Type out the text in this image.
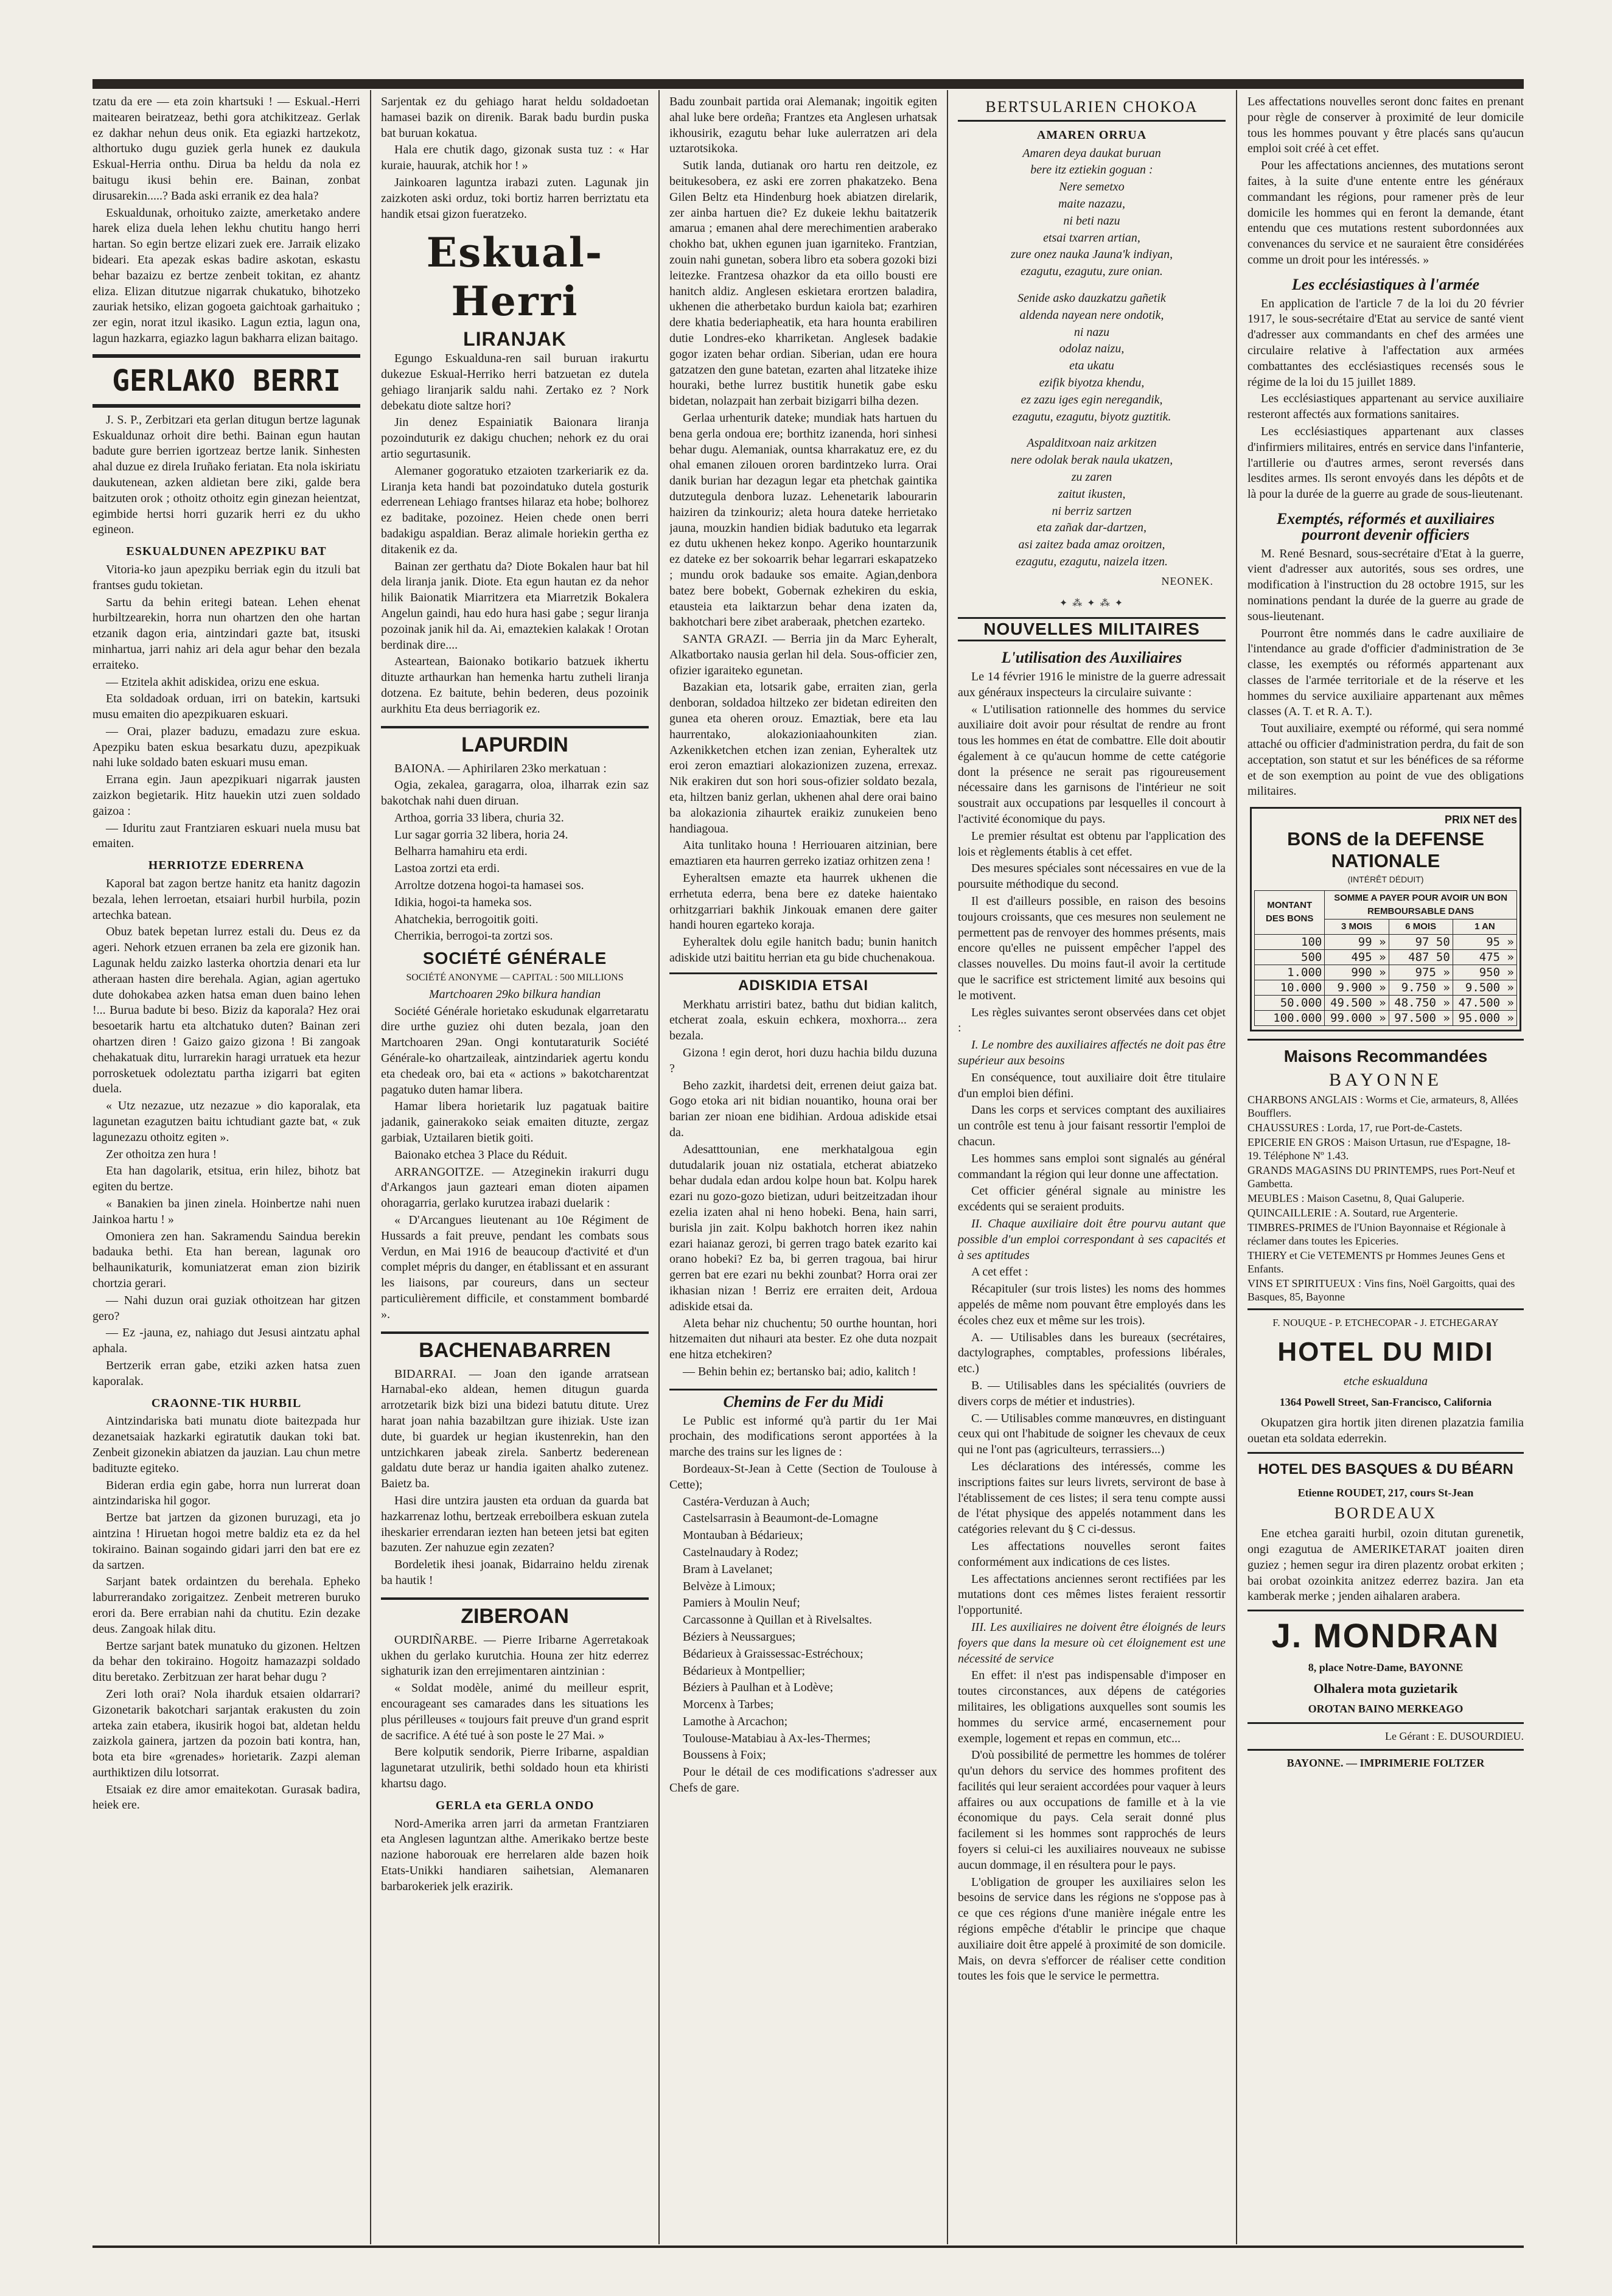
tzatu da ere — eta zoin khartsuki ! — Eskual.-Herri maitearen beiratzeaz, bethi gora atchikitzeaz. Gerlak ez dakhar nehun deus onik. Eta egiazki hartzekotz, althortuko dugu guziek gerla hunek ez daukula Eskual-Herria onthu. Dirua ba heldu da nola ez baitugu ikusi behin ere. Bainan, zonbat dirusarekin.....? Bada aski erranik ez dea hala?

Eskualdunak, orhoituko zaizte, amerketako andere harek eliza duela lehen lekhu chutitu hango herri hartan. So egin bertze elizari zuek ere. Jarraik elizako bideari. Eta apezak eskas badire askotan, eskastu behar bazaizu ez bertze zenbeit tokitan, ez ahantz eliza. Elizan ditutzue nigarrak chukatuko, bihotzeko zauriak hetsiko, elizan gogoeta gaichtoak garhaituko ; zer egin, norat itzul ikasiko. Lagun eztia, lagun ona, lagun hazkarra, egiazko lagun bakharra elizan baitago.

GERLAKO BERRI

J. S. P., Zerbitzari eta gerlan ditugun bertze lagunak Eskualdunaz orhoit dire bethi. Bainan egun hautan badute gure berrien igortzeaz bertze lanik. Sinhesten ahal duzue ez direla Iruñako feriatan. Eta nola iskiriatu daukutenean, azken aldietan bere ziki, galde bera baitzuten orok ; othoitz othoitz egin ginezan heientzat, egimbide hertsi horri guzarik herri ez du ukho egineon.

ESKUALDUNEN APEZPIKU BAT

Vitoria-ko jaun apezpiku berriak egin du itzuli bat frantses gudu tokietan.

Sartu da behin eritegi batean. Lehen ehenat hurbiltzearekin, horra nun ohartzen den ohe hartan etzanik dagon eria, aintzindari gazte bat, itsuski minhartua, jarri nahiz ari dela agur behar den bezala erraiteko.

— Etzitela akhit adiskidea, orizu ene eskua.

Eta soldadoak orduan, irri on batekin, kartsuki musu emaiten dio apezpikuaren eskuari.

— Orai, plazer baduzu, emadazu zure eskua. Apezpiku baten eskua besarkatu duzu, apezpikuak nahi luke soldado baten eskuari musu eman.

Errana egin. Jaun apezpikuari nigarrak jausten zaizkon begietarik. Hitz hauekin utzi zuen soldado gaizoa :

— Iduritu zaut Frantziaren eskuari nuela musu bat emaiten.

HERRIOTZE EDERRENA

Kaporal bat zagon bertze hanitz eta hanitz dagozin bezala, lehen lerroetan, etsaiari hurbil hurbila, pozin artechka batean.

Obuz batek bepetan lurrez estali du. Deus ez da ageri. Nehork etzuen erranen ba zela ere gizonik han. Lagunak heldu zaizko lasterka ohortzia denari eta lur atheraan hasten dire berehala. Agian, agian agertuko dute dohokabea azken hatsa eman duen baino lehen !... Burua badute bi beso. Biziz da kaporala? Hez orai besoetarik hartu eta altchatuko duten? Bainan zeri ohartzen diren ! Gaizo gaizo gizona ! Bi zangoak chehakatuak ditu, lurrarekin haragi urratuek eta hezur porrosketuek odoleztatu partha izigarri bat egiten duela.

« Utz nezazue, utz nezazue » dio kaporalak, eta lagunetan ezagutzen baitu ichtudiant gazte bat, « zuk lagunezazu othoitz egiten ».

Zer othoitza zen hura !

Eta han dagolarik, etsitua, erin hilez, bihotz bat egiten du bertze.

« Banakien ba jinen zinela. Hoinbertze nahi nuen Jainkoa hartu ! »

Omoniera zen han. Sakramendu Saindua berekin badauka bethi. Eta han berean, lagunak oro belhaunikaturik, komuniatzerat eman zion bizirik chortzia gerari.

— Nahi duzun orai guziak othoitzean har gitzen gero?

— Ez -jauna, ez, nahiago dut Jesusi aintzatu aphal aphala.

Bertzerik erran gabe, etziki azken hatsa zuen kaporalak.

CRAONNE-TIK HURBIL

Aintzindariska bati munatu diote baitezpada hur dezanetsaiak hazkarki egiratutik daukan toki bat. Zenbeit gizonekin abiatzen da jauzian. Lau chun metre badituzte egiteko.

Bideran erdia egin gabe, horra nun lurrerat doan aintzindariska hil gogor.

Bertze bat jartzen da gizonen buruzagi, eta jo aintzina ! Hiruetan hogoi metre baldiz eta ez da hel tokiraino. Bainan sogaindo gidari jarri den bat ere ez da sartzen.

Sarjant batek ordaintzen du berehala. Epheko laburrerandako zorigaitzez. Zenbeit metreren buruko erori da. Bere errabian nahi da chutitu. Ezin dezake deus. Zangoak hilak ditu.

Bertze sarjant batek munatuko du gizonen. Heltzen da behar den tokiraino. Hogoitz hamazazpi soldado ditu beretako. Zerbitzuan zer harat behar dugu ?

Zeri loth orai? Nola iharduk etsaien oldarrari? Gizonetarik bakotchari sarjantak erakusten du zoin arteka zain etabera, ikusirik hogoi bat, aldetan heldu zaizkola gainera, jartzen da pozoin bati kontra, han, bota eta bire «grenades» horietarik. Zazpi aleman aurthiktizen dilu lotsorrat.

Etsaiak ez dire amor emaitekotan. Gurasak badira, heiek ere.

Sarjentak ez du gehiago harat heldu soldadoetan hamasei bazik on direnik. Barak badu burdin puska bat buruan kokatua.

Hala ere chutik dago, gizonak susta tuz : « Har kuraie, hauurak, atchik hor ! »

Jainkoaren laguntza irabazi zuten. Lagunak jin zaizkoten aski orduz, toki bortiz harren berriztatu eta handik etsai gizon fueratzeko.

Eskual-Herri
LIRANJAK

Egungo Eskualduna-ren sail buruan irakurtu dukezue Eskual-Herriko herri batzuetan ez dutela gehiago liranjarik saldu nahi. Zertako ez ? Nork debekatu diote saltze hori?

Jin denez Espainiatik Baionara liranja pozoinduturik ez dakigu chuchen; nehork ez du orai artio segurtasunik.

Alemaner gogoratuko etzaioten tzarkeriarik ez da. Liranja keta handi bat pozoindatuko dutela gosturik ederrenean Lehiago frantses hilaraz eta hobe; bolhorez ez baditake, pozoinez. Heien chede onen berri badakigu aspaldian. Beraz alimale horiekin gertha ez ditakenik ez da.

Bainan zer gerthatu da? Diote Bokalen haur bat hil dela liranja janik. Diote. Eta egun hautan ez da nehor hilik Baionatik Miarritzera eta Miarretzik Bokalera Angelun gaindi, hau edo hura hasi gabe ; segur liranja pozoinak janik hil da. Ai, emaztekien kalakak ! Orotan berdinak dire....

Asteartean, Baionako botikario batzuek ikhertu dituzte arthaurkan han hemenka hartu zutheli liranja dotzena. Ez baitute, behin bederen, deus pozoinik aurkhitu Eta deus berriagorik ez.

LAPURDIN

BAIONA. — Aphirilaren 23ko merkatuan :

Ogia, zekalea, garagarra, oloa, ilharrak ezin saz bakotchak nahi duen diruan.

Arthoa, gorria 33 libera, churia 32.

Lur sagar gorria 32 libera, horia 24.

Belharra hamahiru eta erdi.

Lastoa zortzi eta erdi.

Arroltze dotzena hogoi-ta hamasei sos.

Idikia, hogoi-ta hameka sos.

Ahatchekia, berrogoitik goiti.

Cherrikia, berrogoi-ta zortzi sos.

SOCIÉTÉ GÉNÉRALE

SOCIÉTÉ ANONYME — CAPITAL : 500 MILLIONS

Martchoaren 29ko bilkura handian

Société Générale horietako eskudunak elgarretaratu dire urthe guziez ohi duten bezala, joan den Martchoaren 29an. Ongi kontutaraturik Société Générale-ko ohartzaileak, aintzindariek agertu kondu eta chedeak oro, bai eta « actions » bakotcharentzat pagatuko duten hamar libera.

Hamar libera horietarik luz pagatuak baitire jadanik, gainerakoko seiak emaiten dituzte, zergaz garbiak, Uztailaren bietik goiti.

Baionako etchea 3 Place du Réduit.

ARRANGOITZE. — Atzeginekin irakurri dugu d'Arkangos jaun gazteari eman dioten aipamen ohoragarria, gerlako kurutzea irabazi duelarik :

« D'Arcangues lieutenant au 10e Régiment de Hussards a fait preuve, pendant les combats sous Verdun, en Mai 1916 de beaucoup d'activité et d'un complet mépris du danger, en établissant et en assurant les liaisons, par coureurs, dans un secteur particulièrement difficile, et constamment bombardé ».

BACHENABARREN

BIDARRAI. — Joan den igande arratsean Harnabal-eko aldean, hemen ditugun guarda arrotzetarik bizk bizi una bidezi batutu ditute. Urez harat joan nahia bazabiltzan gure ihiziak. Uste izan dute, bi guardek ur hegian ikustenrekin, han den untzichkaren jabeak zirela. Sanbertz bederenean galdatu dute beraz ur handia igaiten ahalko zutenez. Baietz ba.

Hasi dire untzira jausten eta orduan da guarda bat hazkarrenaz lothu, bertzeak erreboilbera eskuan zutela iheskarier errendaran iezten han beteen jetsi bat egiten bazuten. Zer nahuzue egin zezaten?

Bordeletik ihesi joanak, Bidarraino heldu zirenak ba hautik !

ZIBEROAN

OURDIÑARBE. — Pierre Iribarne Agerretakoak ukhen du gerlako kurutchia. Houna zer hitz ederrez sighaturik izan den errejimentaren aintzinian :

« Soldat modèle, animé du meilleur esprit, encourageant ses camarades dans les situations les plus périlleuses « toujours fait preuve d'un grand esprit de sacrifice. A été tué à son poste le 27 Mai. »

Bere kolputik sendorik, Pierre Iribarne, aspaldian lagunetarat utzulirik, bethi soldado houn eta khiristi khartsu dago.

GERLA eta GERLA ONDO

Nord-Amerika arren jarri da armetan Frantziaren eta Anglesen laguntzan althe. Amerikako bertze beste nazione haborouak ere herrelaren alde bazen hoik Etats-Unikki handiaren saihetsian, Alemanaren barbarokeriek jelk erazirik.

Badu zounbait partida orai Alemanak; ingoitik egiten ahal luke bere ordeña; Frantzes eta Anglesen urhatsak ikhousirik, ezagutu behar luke aulerratzen ari dela uztarotsikoka.

Sutik landa, dutianak oro hartu ren deitzole, ez beitukesobera, ez aski ere zorren phakatzeko. Bena Gilen Beltz eta Hindenburg hoek abiatzen direlarik, zer ainba hartuen die? Ez dukeie lekhu baitatzerik amarua ; emanen ahal dere merechimentien araberako chokho bat, ukhen egunen juan igarniteko. Frantzian, zouin nahi gunetan, sobera libro eta sobera gozoki bizi leitezke. Frantzesa ohazkor da eta oillo bousti ere hanitch aldiz. Anglesen eskietara erortzen baladira, ukhenen die atherbetako burdun kaiola bat; ezarhiren dere khatia bederiapheatik, eta hara hounta erabiliren dutie Londres-eko kharriketan. Anglesek badakie gogor izaten behar ordian. Siberian, udan ere houra gatzatzen den gune batetan, ezarten ahal litzateke ihize houraki, bethe lurrez bustitik hunetik gabe esku bidetan, nolazpait han zerbait bizigarri bilha dezen.

Gerlaa urhenturik dateke; mundiak hats hartuen du bena gerla ondoua ere; borthitz izanenda, hori sinhesi behar dugu. Alemaniak, ountsa kharrakatuz ere, ez du ohal emanen zilouen ororen bardintzeko lurra. Orai danik burian har dezagun legar eta phetchak gaintika dutzutegula denbora luzaz. Lehenetarik labourarin haiziren da tzinkouriz; aleta houra dateke herrietako jauna, mouzkin handien bidiak badutuko eta legarrak ez dutu ukhenen hekez konpo. Ageriko hountarzunik ez dateke ez ber sokoarrik behar legarrari eskapatzeko ; mundu orok badauke sos emaite. Agian,denbora batez bere bobekt, Gobernak ezhekiren du eskia, etausteia eta laiktarzun behar dena izaten da, bakhotchari bere zibet araberaak, phetchen ezarteko.

SANTA GRAZI. — Berria jin da Marc Eyheralt, Alkatbortako nausia gerlan hil dela. Sous-officier zen, ofizier igaraiteko egunetan.

Bazakian eta, lotsarik gabe, erraiten zian, gerla denboran, soldadoa hiltzeko zer bidetan edireiten den gunea eta oheren orouz. Emaztiak, bere eta lau haurrentako, alokazioniaahounkiten zian. Azkenikketchen etchen izan zenian, Eyheraltek utz eroi zeron emaztiari alokazionizen zuzena, errexaz. Nik erakiren dut son hori sous-ofizier soldato bezala, eta, hiltzen baniz gerlan, ukhenen ahal dere orai baino ba alokazionia zihaurtek eraikiz zunukeien beno handiagoua.

Aita tunlitako houna ! Herriouaren aitzinian, bere emaztiaren eta haurren gerreko izatiaz orhitzen zena !

Eyheraltsen emazte eta haurrek ukhenen die errhetuta ederra, bena bere ez dateke haientako orhitzgarriari bakhik Jinkouak emanen dere gaiter handi houren egarteko koraja.

Eyheraltek dolu egile hanitch badu; bunin hanitch adiskide utzi baititu herrian eta gu bide chuchenakoua.

ADISKIDIA ETSAI

Merkhatu arristiri batez, bathu dut bidian kalitch, etcherat zoala, eskuin echkera, moxhorra... zera bezala.

Gizona ! egin derot, hori duzu hachia bildu duzuna ?

Beho zazkit, ihardetsi deit, errenen deiut gaiza bat. Gogo etoka ari nit bidian nouantiko, houna orai ber barian zer nioan ene bidihian. Ardoua adiskide etsai da.

Adesatttounian, ene merkhatalgoua egin dutudalarik jouan niz ostatiala, etcherat abiatzeko behar dudala edan ardou kolpe houn bat. Kolpu harek ezari nu gozo-gozo bietizan, uduri beitzeitzadan ihour ezelia izaten ahal ni heno hobeki. Bena, hain sarri, burisla jin zait. Kolpu bakhotch horren ikez nahin ezari haianaz gerozi, bi gerren trago batek ezarito kai orano hobeki? Ez ba, bi gerren tragoua, bai hirur gerren bat ere ezari nu bekhi zounbat? Horra orai zer ikhasian nizan ! Berriz ere erraiten deit, Ardoua adiskide etsai da.

Aleta behar niz chuchentu; 50 ourthe hountan, hori hitzemaiten dut nihauri ata bester. Ez ohe duta nozpait ene hitza etchekiren?

— Behin behin ez; bertansko bai; adio, kalitch !

Chemins de Fer du Midi

Le Public est informé qu'à partir du 1er Mai prochain, des modifications seront apportées à la marche des trains sur les lignes de :

Bordeaux-St-Jean à Cette (Section de Toulouse à Cette);

Castéra-Verduzan à Auch;

Castelsarrasin à Beaumont-de-Lomagne

Montauban à Bédarieux;

Castelnaudary à Rodez;

Bram à Lavelanet;

Belvèze à Limoux;

Pamiers à Moulin Neuf;

Carcassonne à Quillan et à Rivelsaltes.

Béziers à Neussargues;

Bédarieux à Graissessac-Estréchoux;

Bédarieux à Montpellier;

Béziers à Paulhan et à Lodève;

Morcenx à Tarbes;

Lamothe à Arcachon;

Toulouse-Matabiau à Ax-les-Thermes;

Boussens à Foix;

Pour le détail de ces modifications s'adresser aux Chefs de gare.

BERTSULARIEN CHOKOA
AMAREN ORRUA

Amaren deya daukat buruan

bere itz eztiekin goguan :

Nere semetxo

maite nazazu,

ni beti nazu

etsai txarren artian,

zure onez nauka Jauna'k indiyan,

ezagutu, ezagutu, zure onian.

Senide asko dauzkatzu gañetik

aldenda nayean nere ondotik,

ni nazu

odolaz naizu,

eta ukatu

ezifik biyotza khendu,

ez zazu iges egin neregandik,

ezagutu, ezagutu, biyotz guztitik.

Aspalditxoan naiz arkitzen

nere odolak berak naula ukatzen,

zu zaren

zaitut ikusten,

ni berriz sartzen

eta zañak dar-dartzen,

asi zaitez bada amaz oroitzen,

ezagutu, ezagutu, naizela itzen.

NEONEK.
✦ ⁂ ✦ ⁂ ✦
NOUVELLES MILITAIRES
L'utilisation des Auxiliaires

Le 14 février 1916 le ministre de la guerre adressait aux généraux inspecteurs la circulaire suivante :

« L'utilisation rationnelle des hommes du service auxiliaire doit avoir pour résultat de rendre au front tous les hommes en état de combattre. Elle doit aboutir également à ce qu'aucun homme de cette catégorie dont la présence ne serait pas rigoureusement nécessaire dans les garnisons de l'intérieur ne soit soustrait aux occupations par lesquelles il concourt à l'activité économique du pays.

Le premier résultat est obtenu par l'application des lois et règlements établis à cet effet.

Des mesures spéciales sont nécessaires en vue de la poursuite méthodique du second.

Il est d'ailleurs possible, en raison des besoins toujours croissants, que ces mesures non seulement ne permettent pas de renvoyer des hommes présents, mais encore qu'elles ne puissent empêcher l'appel des classes nouvelles. Du moins faut-il avoir la certitude que le sacrifice est strictement limité aux besoins qui le motivent.

Les règles suivantes seront observées dans cet objet :

I. Le nombre des auxiliaires affectés ne doit pas être supérieur aux besoins

En conséquence, tout auxiliaire doit être titulaire d'un emploi bien défini.

Dans les corps et services comptant des auxiliaires un contrôle est tenu à jour faisant ressortir l'emploi de chacun.

Les hommes sans emploi sont signalés au général commandant la région qui leur donne une affectation.

Cet officier général signale au ministre les excédents qui se seraient produits.

II. Chaque auxiliaire doit être pourvu autant que possible d'un emploi correspondant à ses capacités et à ses aptitudes

A cet effet :

Récapituler (sur trois listes) les noms des hommes appelés de même nom pouvant être employés dans les écoles chez eux et même sur les trois).

A. — Utilisables dans les bureaux (secrétaires, dactylographes, comptables, professions libérales, etc.)

B. — Utilisables dans les spécialités (ouvriers de divers corps de métier et industries).

C. — Utilisables comme manœuvres, en distinguant ceux qui ont l'habitude de soigner les chevaux de ceux qui ne l'ont pas (agriculteurs, terrassiers...)

Les déclarations des intéressés, comme les inscriptions faites sur leurs livrets, serviront de base à l'établissement de ces listes; il sera tenu compte aussi de l'état physique des appelés notamment dans les catégories relevant du § C ci-dessus.

Les affectations nouvelles seront faites conformément aux indications de ces listes.

Les affectations anciennes seront rectifiées par les mutations dont ces mêmes listes feraient ressortir l'opportunité.

III. Les auxiliaires ne doivent être éloignés de leurs foyers que dans la mesure où cet éloignement est une nécessité de service

En effet: il n'est pas indispensable d'imposer en toutes circonstances, aux dépens de catégories militaires, les obligations auxquelles sont soumis les hommes du service armé, encasernement pour exemple, logement et repas en commun, etc...

D'où possibilité de permettre les hommes de tolérer qu'un dehors du service des hommes profitent des facilités qui leur seraient accordées pour vaquer à leurs affaires ou aux occupations de famille et à la vie économique du pays. Cela serait donné plus facilement si les hommes sont rapprochés de leurs foyers si celui-ci les auxiliaires nouveaux ne subisse aucun dommage, il en résultera pour le pays.

L'obligation de grouper les auxiliaires selon les besoins de service dans les régions ne s'oppose pas à ce que ces régions d'une manière inégale entre les régions empêche d'établir le principe que chaque auxiliaire doit être appelé à proximité de son domicile. Mais, on devra s'efforcer de réaliser cette condition toutes les fois que le service le permettra.

Les affectations nouvelles seront donc faites en prenant pour règle de conserver à proximité de leur domicile tous les hommes pouvant y être placés sans qu'aucun emploi soit créé à cet effet.

Pour les affectations anciennes, des mutations seront faites, à la suite d'une entente entre les généraux commandant les régions, pour ramener près de leur domicile les hommes qui en feront la demande, étant entendu que ces mutations restent subordonnées aux convenances du service et ne sauraient être considérées comme un droit pour les intéressés. »

Les ecclésiastiques à l'armée

En application de l'article 7 de la loi du 20 février 1917, le sous-secrétaire d'Etat au service de santé vient d'adresser aux commandants en chef des armées une circulaire relative à l'affectation aux armées combattantes des ecclésiastiques recensés sous le régime de la loi du 15 juillet 1889.

Les ecclésiastiques appartenant au service auxiliaire resteront affectés aux formations sanitaires.

Les ecclésiastiques appartenant aux classes d'infirmiers militaires, entrés en service dans l'infanterie, l'artillerie ou d'autres armes, seront reversés dans lesdites armes. Ils seront envoyés dans les dépôts et de là pour la durée de la guerre au grade de sous-lieutenant.

Exemptés, réformés et auxiliaires pourront devenir officiers

M. René Besnard, sous-secrétaire d'Etat à la guerre, vient d'adresser aux autorités, sous ses ordres, une modification à l'instruction du 28 octobre 1915, sur les nominations pendant la durée de la guerre au grade de sous-lieutenant.

Pourront être nommés dans le cadre auxiliaire de l'intendance au grade d'officier d'administration de 3e classe, les exemptés ou réformés appartenant aux classes de l'armée territoriale et de la réserve et les hommes du service auxiliaire appartenant aux mêmes classes (A. T. et R. A. T.).

Tout auxiliaire, exempté ou réformé, qui sera nommé attaché ou officier d'administration perdra, du fait de son acceptation, son statut et sur les bénéfices de sa réforme et de son exemption au point de vue des obligations militaires.

PRIX NET des
BONS de la DEFENSE NATIONALE
(INTÉRÊT DÉDUIT)
MONTANT DES BONS	SOMME A PAYER POUR AVOIR UN BON REMBOURSABLE DANS		
	3 MOIS	6 MOIS	1 AN
100	99 »	97 50	95 »
500	495 »	487 50	475 »
1.000	990 »	975 »	950 »
10.000	9.900 »	9.750 »	9.500 »
50.000	49.500 »	48.750 »	47.500 »
100.000	99.000 »	97.500 »	95.000 »
Maisons Recommandées
BAYONNE

CHARBONS ANGLAIS : Worms et Cie, armateurs, 8, Allées Boufflers.

CHAUSSURES : Lorda, 17, rue Port-de-Castets.

EPICERIE EN GROS : Maison Urtasun, rue d'Espagne, 18-19. Téléphone Nº 1.43.

GRANDS MAGASINS DU PRINTEMPS, rues Port-Neuf et Gambetta.

MEUBLES : Maison Casetnu, 8, Quai Galuperie.

QUINCAILLERIE : A. Soutard, rue Argenterie.

TIMBRES-PRIMES de l'Union Bayonnaise et Régionale à réclamer dans toutes les Epiceries.

THIERY et Cie VETEMENTS pr Hommes Jeunes Gens et Enfants.

VINS ET SPIRITUEUX : Vins fins, Noël Gargoitts, quai des Basques, 85, Bayonne

F. NOUQUE - P. ETCHECOPAR - J. ETCHEGARAY
HOTEL DU MIDI
etche eskualduna
1364 Powell Street, San-Francisco, California

Okupatzen gira hortik jiten direnen plazatzia familia ouetan eta soldata ederrekin.

HOTEL DES BASQUES & DU BÉARN
Etienne ROUDET, 217, cours St-Jean
BORDEAUX

Ene etchea garaiti hurbil, ozoin ditutan gurenetik, ongi ezagutua de AMERIKETARAT joaiten diren guziez ; hemen segur ira diren plazentz orobat erkiten ; bai orobat ozoinkita anitzez ederrez bazira. Jan eta kamberak merke ; jenden aihalaren arabera.

J. MONDRAN
8, place Notre-Dame, BAYONNE
Olhalera mota guzietarik
OROTAN BAINO MERKEAGO
Le Gérant : E. DUSOURDIEU.
BAYONNE. — IMPRIMERIE FOLTZER
